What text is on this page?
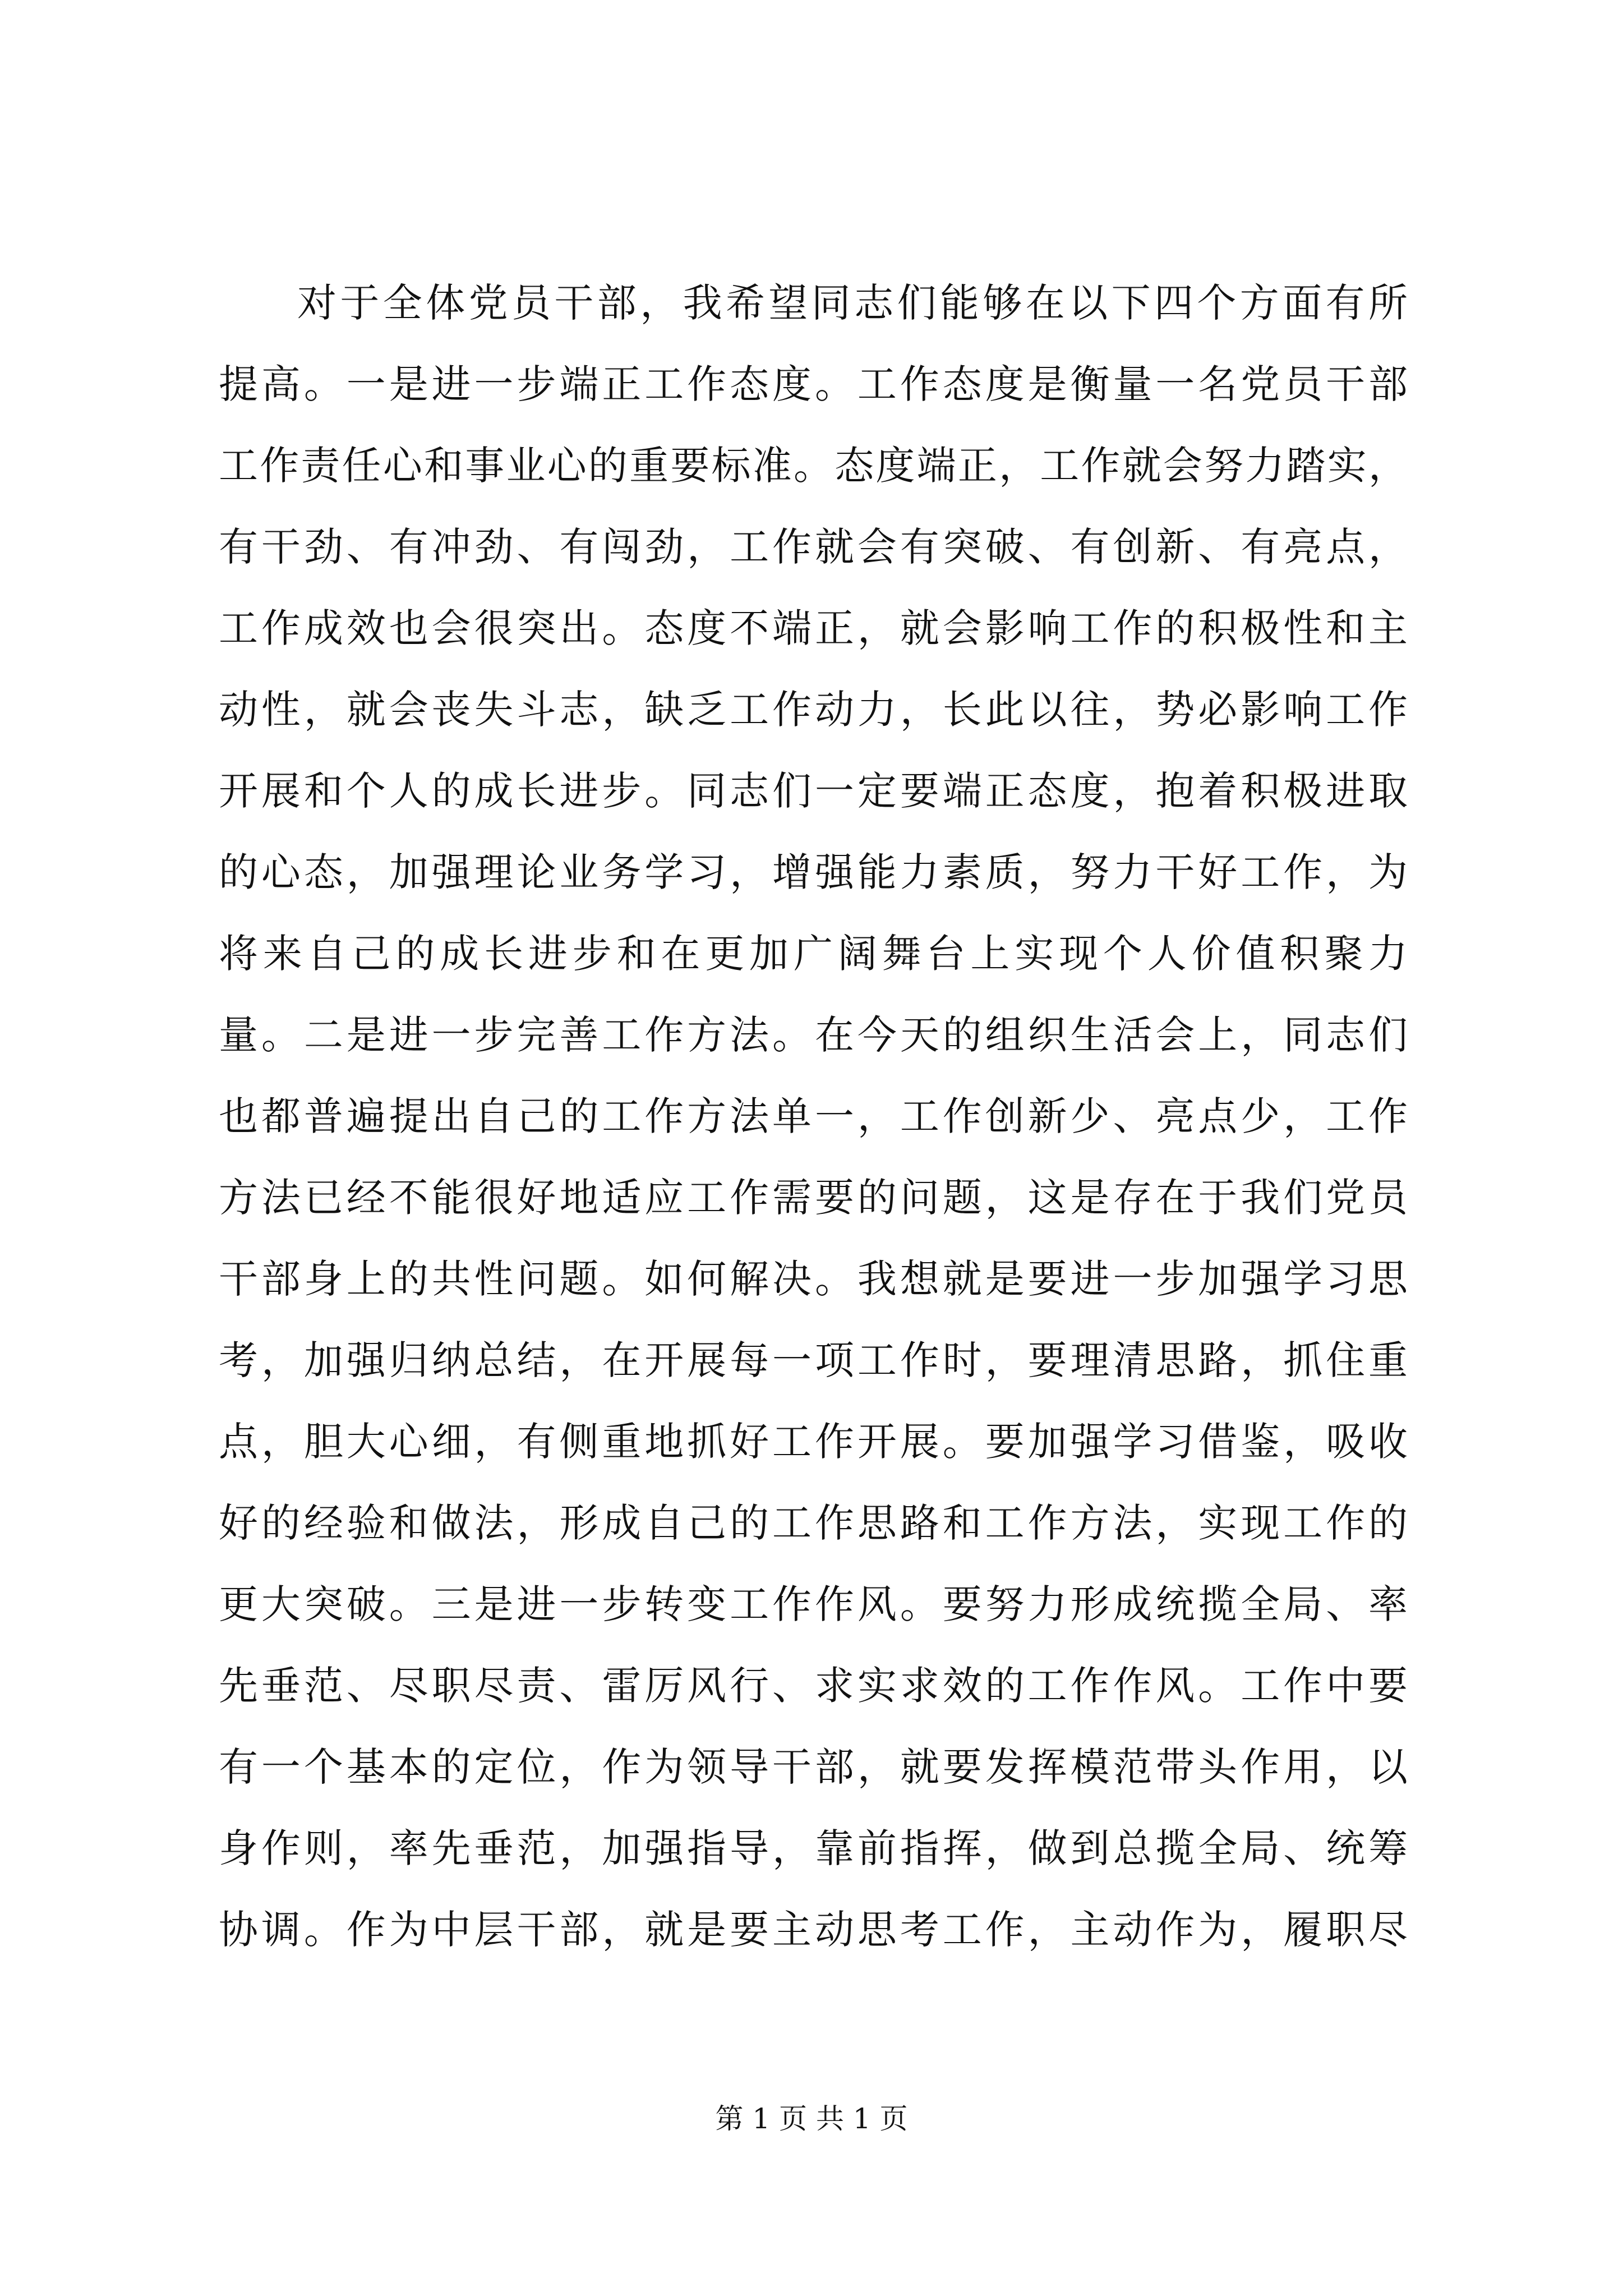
对于全体党员干部，我希望同志们能够在以下四个方面有所
提高。一是进一步端正工作态度。工作态度是衡量一名党员干部
工作责任心和事业心的重要标准。态度端正，工作就会努力踏实，
有干劲、有冲劲、有闯劲，工作就会有突破、有创新、有亮点，
工作成效也会很突出。态度不端正，就会影响工作的积极性和主
动性，就会丧失斗志，缺乏工作动力，长此以往，势必影响工作
开展和个人的成长进步。同志们一定要端正态度，抱着积极进取
的心态，加强理论业务学习，增强能力素质，努力干好工作，为
将来自己的成长进步和在更加广阔舞台上实现个人价值积聚力
量。二是进一步完善工作方法。在今天的组织生活会上，同志们
也都普遍提出自己的工作方法单一，工作创新少、亮点少，工作
方法已经不能很好地适应工作需要的问题，这是存在于我们党员
干部身上的共性问题。如何解决。我想就是要进一步加强学习思
考，加强归纳总结，在开展每一项工作时，要理清思路，抓住重
点，胆大心细，有侧重地抓好工作开展。要加强学习借鉴，吸收
好的经验和做法，形成自己的工作思路和工作方法，实现工作的
更大突破。三是进一步转变工作作风。要努力形成统揽全局、率
先垂范、尽职尽责、雷厉风行、求实求效的工作作风。工作中要
有一个基本的定位，作为领导干部，就要发挥模范带头作用，以
身作则，率先垂范，加强指导，靠前指挥，做到总揽全局、统筹
协调。作为中层干部，就是要主动思考工作，主动作为，履职尽
第 1 页 共 1 页
